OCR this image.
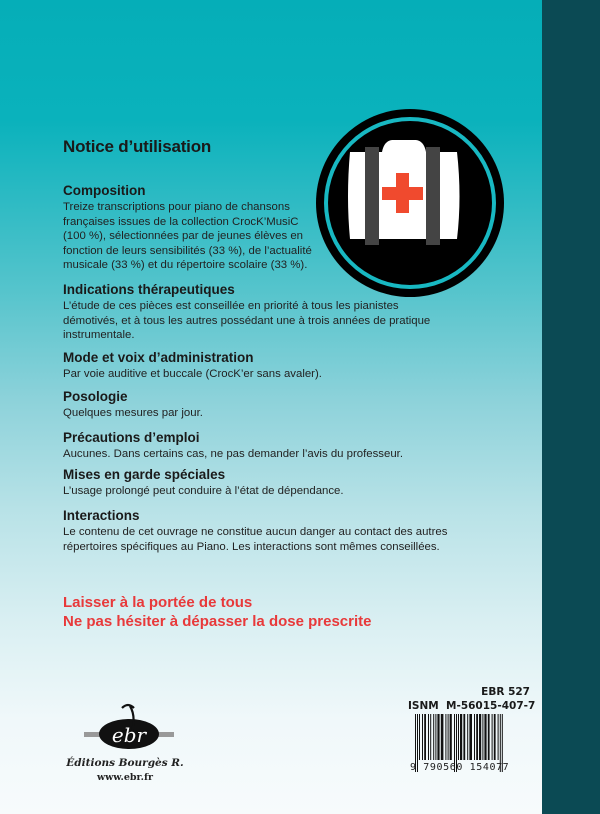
Notice d’utilisation
Composition

Treize transcriptions pour piano de chansons
françaises issues de la collection CrocK’MusiC
(100 %), sélectionnées par de jeunes élèves en
fonction de leurs sensibilités (33 %), de l’actualité
musicale (33 %) et du répertoire scolaire (33 %).

Indications thérapeutiques

L’étude de ces pièces est conseillée en priorité à tous les pianistes
démotivés, et à tous les autres possédant une à trois années de pratique
instrumentale.

Mode et voix d’administration

Par voie auditive et buccale (CrocK’er sans avaler).

Posologie

Quelques mesures par jour.

Précautions d’emploi

Aucunes. Dans certains cas, ne pas demander l’avis du professeur.

Mises en garde spéciales

L’usage prolongé peut conduire à l’état de dépendance.

Interactions

Le contenu de cet ouvrage ne constitue aucun danger au contact des autres
répertoires spécifiques au Piano. Les interactions sont mêmes conseillées.

Laisser à la portée de tous
Ne pas hésiter à dépasser la dose prescrite
EBR 527
ISNM  M-56015-407-7
9 790560 154077
ebr
Éditions Bourgès R.
www.ebr.fr
